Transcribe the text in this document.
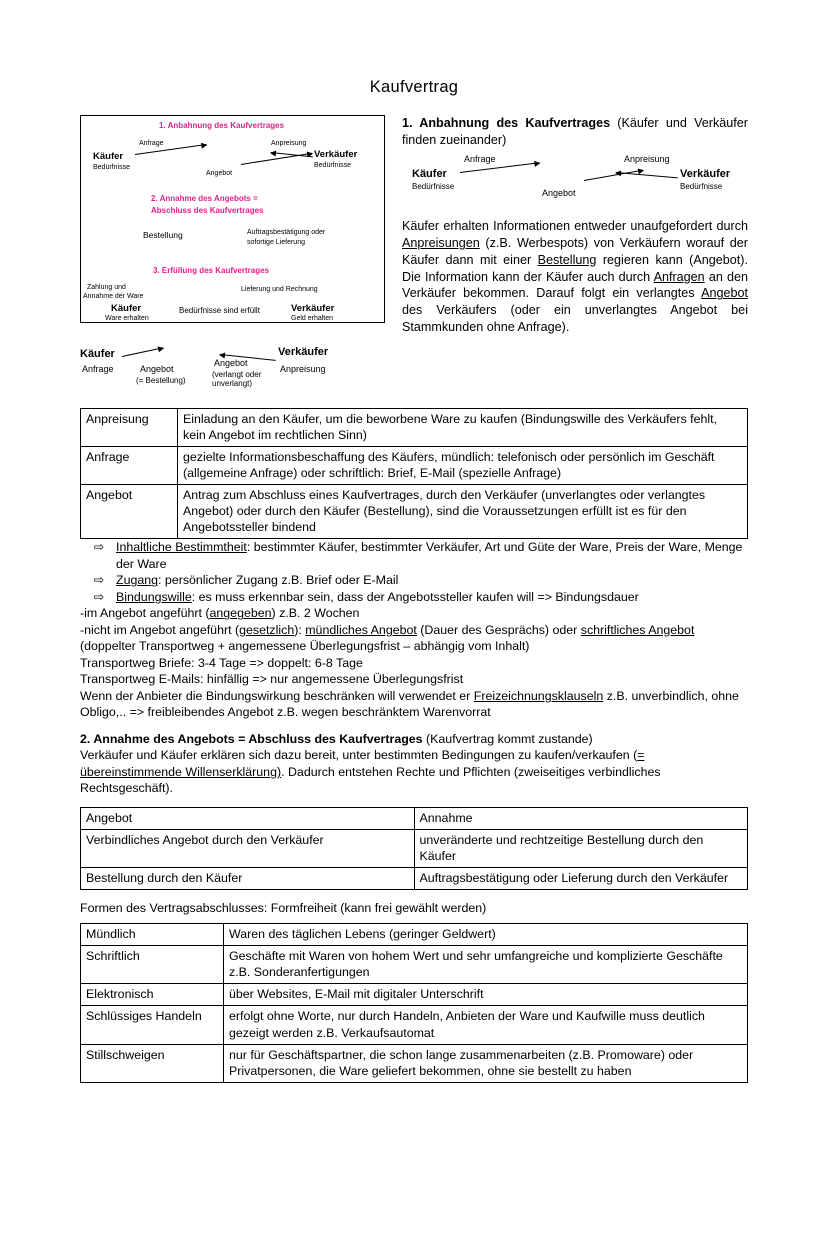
Kaufvertrag
1. Anbahnung des Kaufvertrages
Anfrage	Anpreisung
Käufer
Bedürfnisse
Verkäufer
Bedürfnisse
Angebot
2. Annahme des Angebots =
Abschluss des Kaufvertrages
Bestellung	Auftragsbestätigung oder
sofortige Lieferung
3. Erfüllung des Kaufvertrages
Zahlung und
Annahme der Ware
Lieferung und Rechnung
Käufer
Ware erhalten
Bedürfnisse sind erfüllt	Verkäufer
Geld erhalten

1. Anbahnung des Kaufvertrages (Käufer und Verkäufer finden zueinander)

Anfrage	Anpreisung
Käufer
Bedürfnisse
Verkäufer
Bedürfnisse
Angebot

Käufer erhalten Informationen entweder unaufgefordert durch Anpreisungen (z.B. Werbespots) von Verkäufern worauf der Käufer dann mit einer Bestellung regieren kann (Angebot). Die Information kann der Käufer auch durch Anfragen an den Verkäufer bekommen. Darauf folgt ein verlangtes Angebot des Verkäufers (oder ein unverlangtes Angebot bei Stammkunden ohne Anfrage).

Käufer
Anfrage	Angebot
(= Bestellung)
Angebot
(verlangt oder
unverlangt)
Anpreisung
Verkäufer
Anpreisung	Einladung an den Käufer, um die beworbene Ware zu kaufen (Bindungswille des Verkäufers fehlt, kein Angebot im rechtlichen Sinn)
Anfrage	gezielte Informationsbeschaffung des Käufers, mündlich: telefonisch oder persönlich im Geschäft (allgemeine Anfrage) oder schriftlich: Brief, E-Mail (spezielle Anfrage)
Angebot	Antrag zum Abschluss eines Kaufvertrages, durch den Verkäufer (unverlangtes oder verlangtes Angebot) oder durch den Käufer (Bestellung), sind die Voraussetzungen erfüllt ist es für den Angebotssteller bindend
⇨ Inhaltliche Bestimmtheit: bestimmter Käufer, bestimmter Verkäufer, Art und Güte der Ware, Preis der Ware, Menge der Ware
⇨ Zugang: persönlicher Zugang z.B. Brief oder E-Mail
⇨ Bindungswille: es muss erkennbar sein, dass der Angebotssteller kaufen will => Bindungsdauer

-im Angebot angeführt (angegeben) z.B. 2 Wochen

-nicht im Angebot angeführt (gesetzlich): mündliches Angebot (Dauer des Gesprächs) oder schriftliches Angebot (doppelter Transportweg + angemessene Überlegungsfrist – abhängig vom Inhalt)

Transportweg Briefe: 3-4 Tage => doppelt: 6-8 Tage

Transportweg E-Mails: hinfällig => nur angemessene Überlegungsfrist

Wenn der Anbieter die Bindungswirkung beschränken will verwendet er Freizeichnungsklauseln z.B. unverbindlich, ohne Obligo,.. => freibleibendes Angebot z.B. wegen beschränktem Warenvorrat

2. Annahme des Angebots = Abschluss des Kaufvertrages (Kaufvertrag kommt zustande)

Verkäufer und Käufer erklären sich dazu bereit, unter bestimmten Bedingungen zu kaufen/verkaufen (= übereinstimmende Willenserklärung). Dadurch entstehen Rechte und Pflichten (zweiseitiges verbindliches Rechtsgeschäft).

Angebot	Annahme
Verbindliches Angebot durch den Verkäufer	unveränderte und rechtzeitige Bestellung durch den Käufer
Bestellung durch den Käufer	Auftragsbestätigung oder Lieferung durch den Verkäufer

Formen des Vertragsabschlusses: Formfreiheit (kann frei gewählt werden)

Mündlich	Waren des täglichen Lebens (geringer Geldwert)
Schriftlich	Geschäfte mit Waren von hohem Wert und sehr umfangreiche und komplizierte Geschäfte z.B. Sonderanfertigungen
Elektronisch	über Websites, E-Mail mit digitaler Unterschrift
Schlüssiges Handeln	erfolgt ohne Worte, nur durch Handeln, Anbieten der Ware und Kaufwille muss deutlich gezeigt werden z.B. Verkaufsautomat
Stillschweigen	nur für Geschäftspartner, die schon lange zusammenarbeiten (z.B. Promoware) oder Privatpersonen, die Ware geliefert bekommen, ohne sie bestellt zu haben
